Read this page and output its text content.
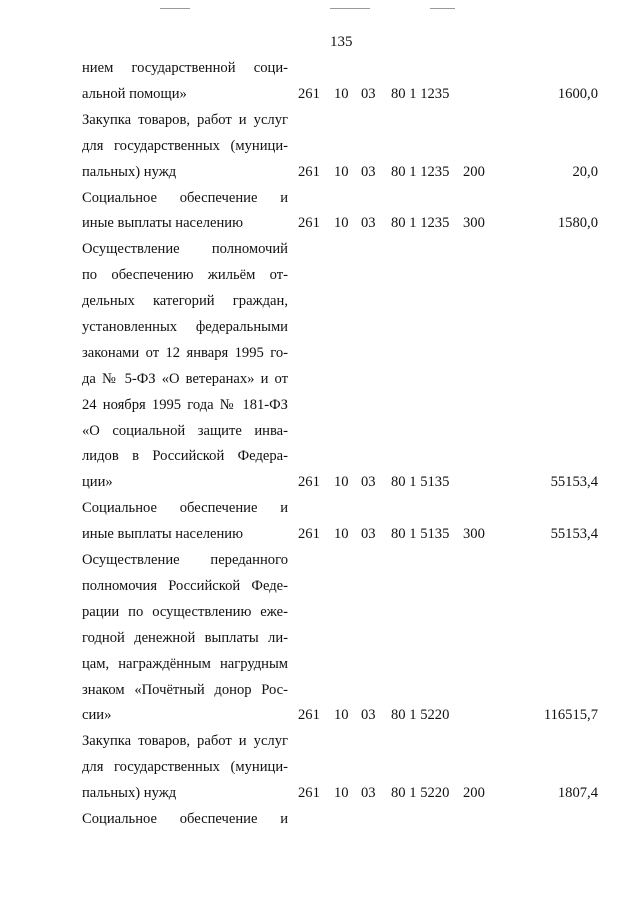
135
нием государственной соци-
альной помощи»	261 10 03 80 1 1235	1600,0
Закупка товаров, работ и услуг
для государственных (муници-
пальных) нужд	261 10 03 80 1 1235 200	20,0
Социальное обеспечение и
иные выплаты населению	261 10 03 80 1 1235 300	1580,0
Осуществление полномочий
по обеспечению жильём от-
дельных категорий граждан,
установленных федеральными
законами от 12 января 1995 го-
да № 5-ФЗ «О ветеранах» и от
24 ноября 1995 года № 181-ФЗ
«О социальной защите инва-
лидов в Российской Федера-
ции»	261 10 03 80 1 5135	55153,4
Социальное обеспечение и
иные выплаты населению	261 10 03 80 1 5135 300	55153,4
Осуществление переданного
полномочия Российской Феде-
рации по осуществлению еже-
годной денежной выплаты ли-
цам, награждённым нагрудным
знаком «Почётный донор Рос-
сии»	261 10 03 80 1 5220	116515,7
Закупка товаров, работ и услуг
для государственных (муници-
пальных) нужд	261 10 03 80 1 5220 200	1807,4
Социальное обеспечение и
